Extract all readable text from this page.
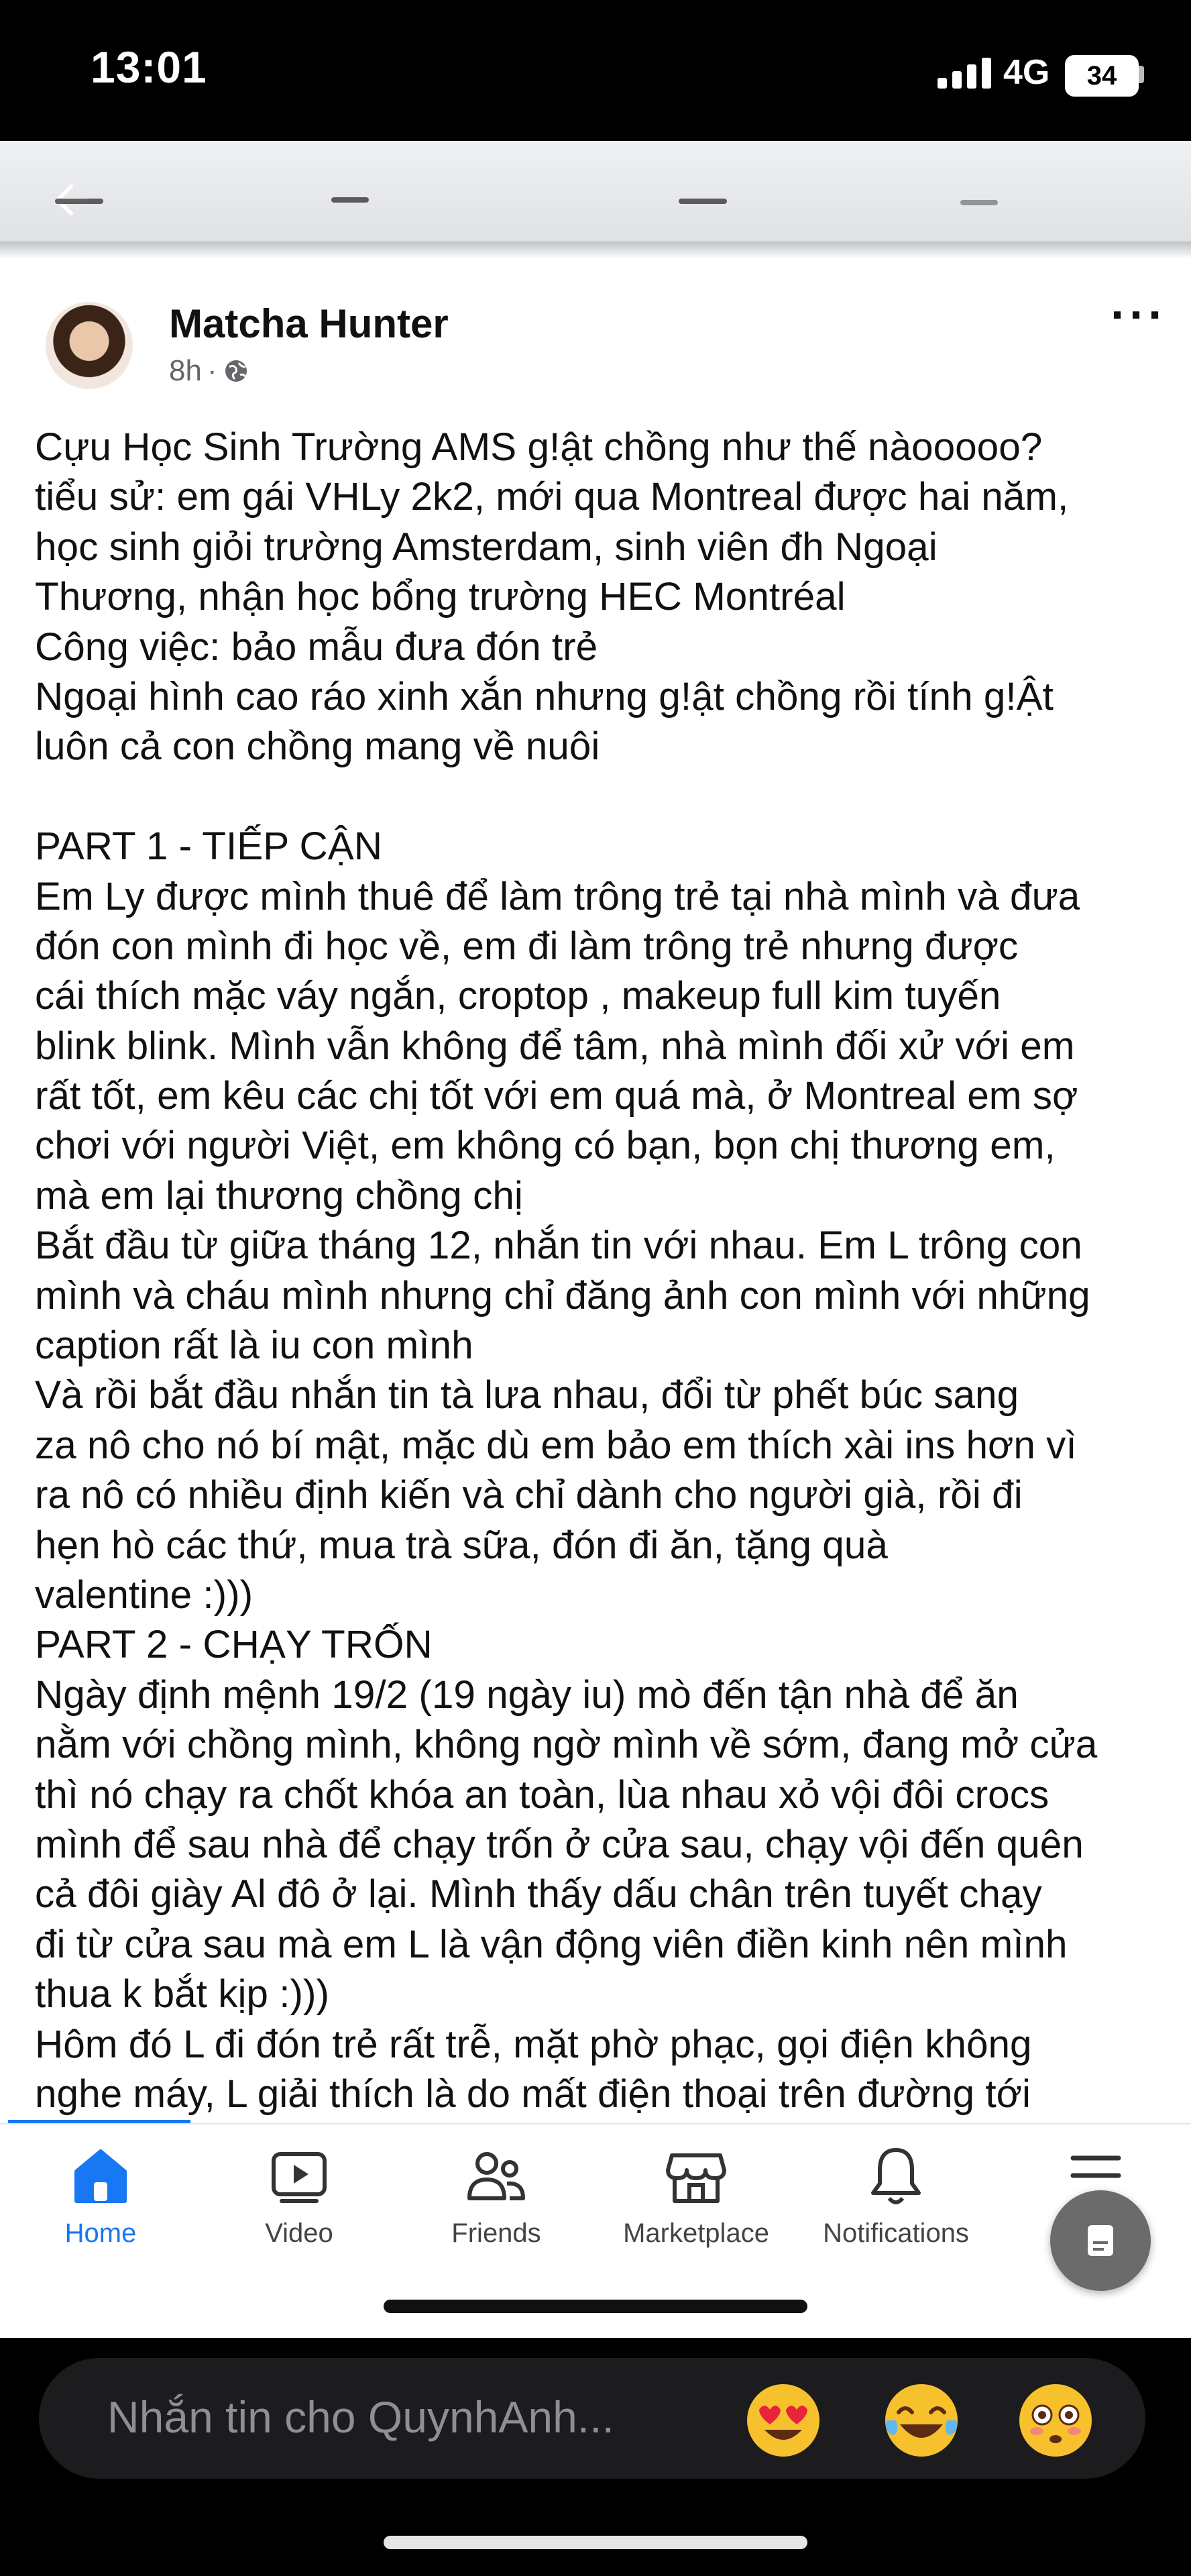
13:01	4G	34
Matcha Hunter
8h ·
···
Cựu Học Sinh Trường AMS g!ật chồng như thế nàooooo?
tiểu sử: em gái VHLy 2k2, mới qua Montreal được hai năm,
học sinh giỏi trường Amsterdam, sinh viên đh Ngoại
Thương, nhận học bổng trường HEC Montréal
Công việc: bảo mẫu đưa đón trẻ
Ngoại hình cao ráo xinh xắn nhưng g!ật chồng rồi tính g!Ật
luôn cả con chồng mang về nuôi
PART 1 - TIẾP CẬN
Em Ly được mình thuê để làm trông trẻ tại nhà mình và đưa
đón con mình đi học về, em đi làm trông trẻ nhưng được
cái thích mặc váy ngắn, croptop , makeup full kim tuyến
blink blink. Mình vẫn không để tâm, nhà mình đối xử với em
rất tốt, em kêu các chị tốt với em quá mà, ở Montreal em sợ
chơi với người Việt, em không có bạn, bọn chị thương em,
mà em lại thương chồng chị
Bắt đầu từ giữa tháng 12, nhắn tin với nhau. Em L trông con
mình và cháu mình nhưng chỉ đăng ảnh con mình với những
caption rất là iu con mình
Và rồi bắt đầu nhắn tin tà lưa nhau, đổi từ phết búc sang
za nô cho nó bí mật, mặc dù em bảo em thích xài ins hơn vì
ra nô có nhiều định kiến và chỉ dành cho người già, rồi đi
hẹn hò các thứ, mua trà sữa, đón đi ăn, tặng quà
valentine :)))
PART 2 - CHẠY TRỐN
Ngày định mệnh 19/2 (19 ngày iu) mò đến tận nhà để ăn
nằm với chồng mình, không ngờ mình về sớm, đang mở cửa
thì nó chạy ra chốt khóa an toàn, lùa nhau xỏ vội đôi crocs
mình để sau nhà để chạy trốn ở cửa sau, chạy vội đến quên
cả đôi giày Al đô ở lại. Mình thấy dấu chân trên tuyết chạy
đi từ cửa sau mà em L là vận động viên điền kinh nên mình
thua k bắt kịp :)))
Hôm đó L đi đón trẻ rất trễ, mặt phờ phạc, gọi điện không
nghe máy, L giải thích là do mất điện thoại trên đường tới
Home	Video	Friends	Marketplace	Notifications
Nhắn tin cho QuynhAnh...
